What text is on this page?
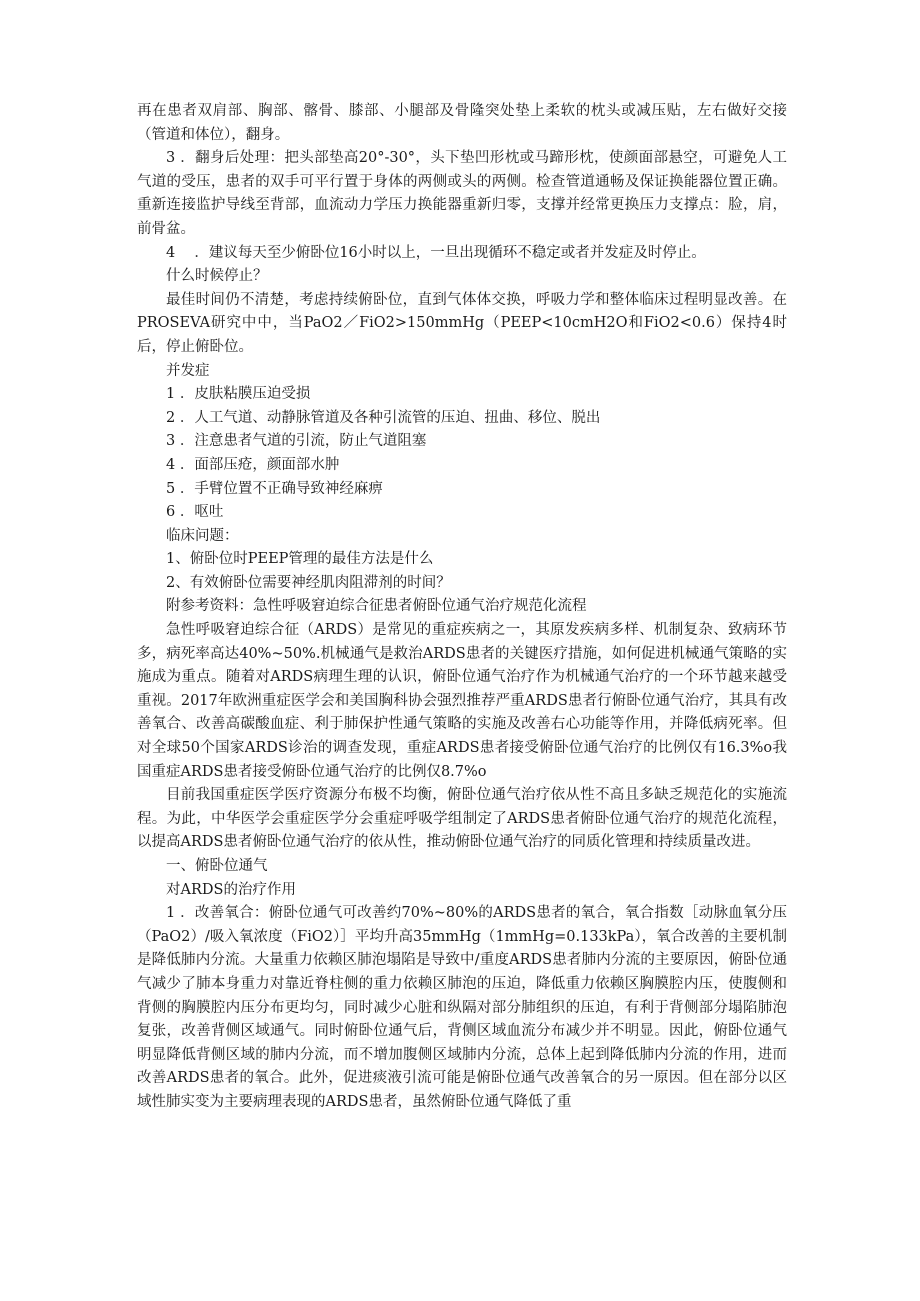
再在患者双肩部、胸部、髂骨、膝部、小腿部及骨隆突处垫上柔软的枕头或减压贴，左右做好交接（管道和体位），翻身。

3 ．翻身后处理：把头部垫高20°-30°，头下垫凹形枕或马蹄形枕，使颜面部悬空，可避免人工气道的受压，患者的双手可平行置于身体的两侧或头的两侧。检查管道通畅及保证换能器位置正确。重新连接监护导线至背部，血流动力学压力换能器重新归零，支撑并经常更换压力支撑点：脸，肩，前骨盆。

4 　．建议每天至少俯卧位16小时以上，一旦出现循环不稳定或者并发症及时停止。

什么时候停止？

最佳时间仍不清楚，考虑持续俯卧位，直到气体体交换，呼吸力学和整体临床过程明显改善。在PROSEVA研究中中，当PaO2／FiO2>150mmHg（PEEP<10cmH2O和FiO2<0.6）保持4时后，停止俯卧位。

并发症

1 ．皮肤粘膜压迫受损

2 ．人工气道、动静脉管道及各种引流管的压迫、扭曲、移位、脱出

3 ．注意患者气道的引流，防止气道阻塞

4 ．面部压疮，颜面部水肿

5 ．手臂位置不正确导致神经麻痹

6 ．呕吐

临床问题：

1、俯卧位时PEEP管理的最佳方法是什么

2、有效俯卧位需要神经肌肉阻滞剂的时间？

附参考资料：急性呼吸窘迫综合征患者俯卧位通气治疗规范化流程

急性呼吸窘迫综合征（ARDS）是常见的重症疾病之一，其原发疾病多样、机制复杂、致病环节多，病死率高达40%~50%.机械通气是救治ARDS患者的关键医疗措施，如何促进机械通气策略的实施成为重点。随着对ARDS病理生理的认识，俯卧位通气治疗作为机械通气治疗的一个环节越来越受重视。2017年欧洲重症医学会和美国胸科协会强烈推荐严重ARDS患者行俯卧位通气治疗，其具有改善氧合、改善高碳酸血症、利于肺保护性通气策略的实施及改善右心功能等作用，并降低病死率。但对全球50个国家ARDS诊治的调查发现，重症ARDS患者接受俯卧位通气治疗的比例仅有16.3%o我国重症ARDS患者接受俯卧位通气治疗的比例仅8.7%o

目前我国重症医学医疗资源分布极不均衡，俯卧位通气治疗依从性不高且多缺乏规范化的实施流程。为此，中华医学会重症医学分会重症呼吸学组制定了ARDS患者俯卧位通气治疗的规范化流程，以提高ARDS患者俯卧位通气治疗的依从性，推动俯卧位通气治疗的同质化管理和持续质量改进。

一、俯卧位通气

对ARDS的治疗作用

1 ．改善氧合：俯卧位通气可改善约70%~80%的ARDS患者的氧合，氧合指数［动脉血氧分压（PaO2）/吸入氧浓度（FiO2）］平均升高35mmHg（1mmHg=0.133kPa），氧合改善的主要机制是降低肺内分流。大量重力依赖区肺泡塌陷是导致中/重度ARDS患者肺内分流的主要原因，俯卧位通气减少了肺本身重力对靠近脊柱侧的重力依赖区肺泡的压迫，降低重力依赖区胸膜腔内压，使腹侧和背侧的胸膜腔内压分布更均匀，同时减少心脏和纵隔对部分肺组织的压迫，有利于背侧部分塌陷肺泡复张，改善背侧区域通气。同时俯卧位通气后，背侧区域血流分布减少并不明显。因此，俯卧位通气明显降低背侧区域的肺内分流，而不增加腹侧区域肺内分流，总体上起到降低肺内分流的作用，进而改善ARDS患者的氧合。此外，促进痰液引流可能是俯卧位通气改善氧合的另一原因。但在部分以区域性肺实变为主要病理表现的ARDS患者，虽然俯卧位通气降低了重
